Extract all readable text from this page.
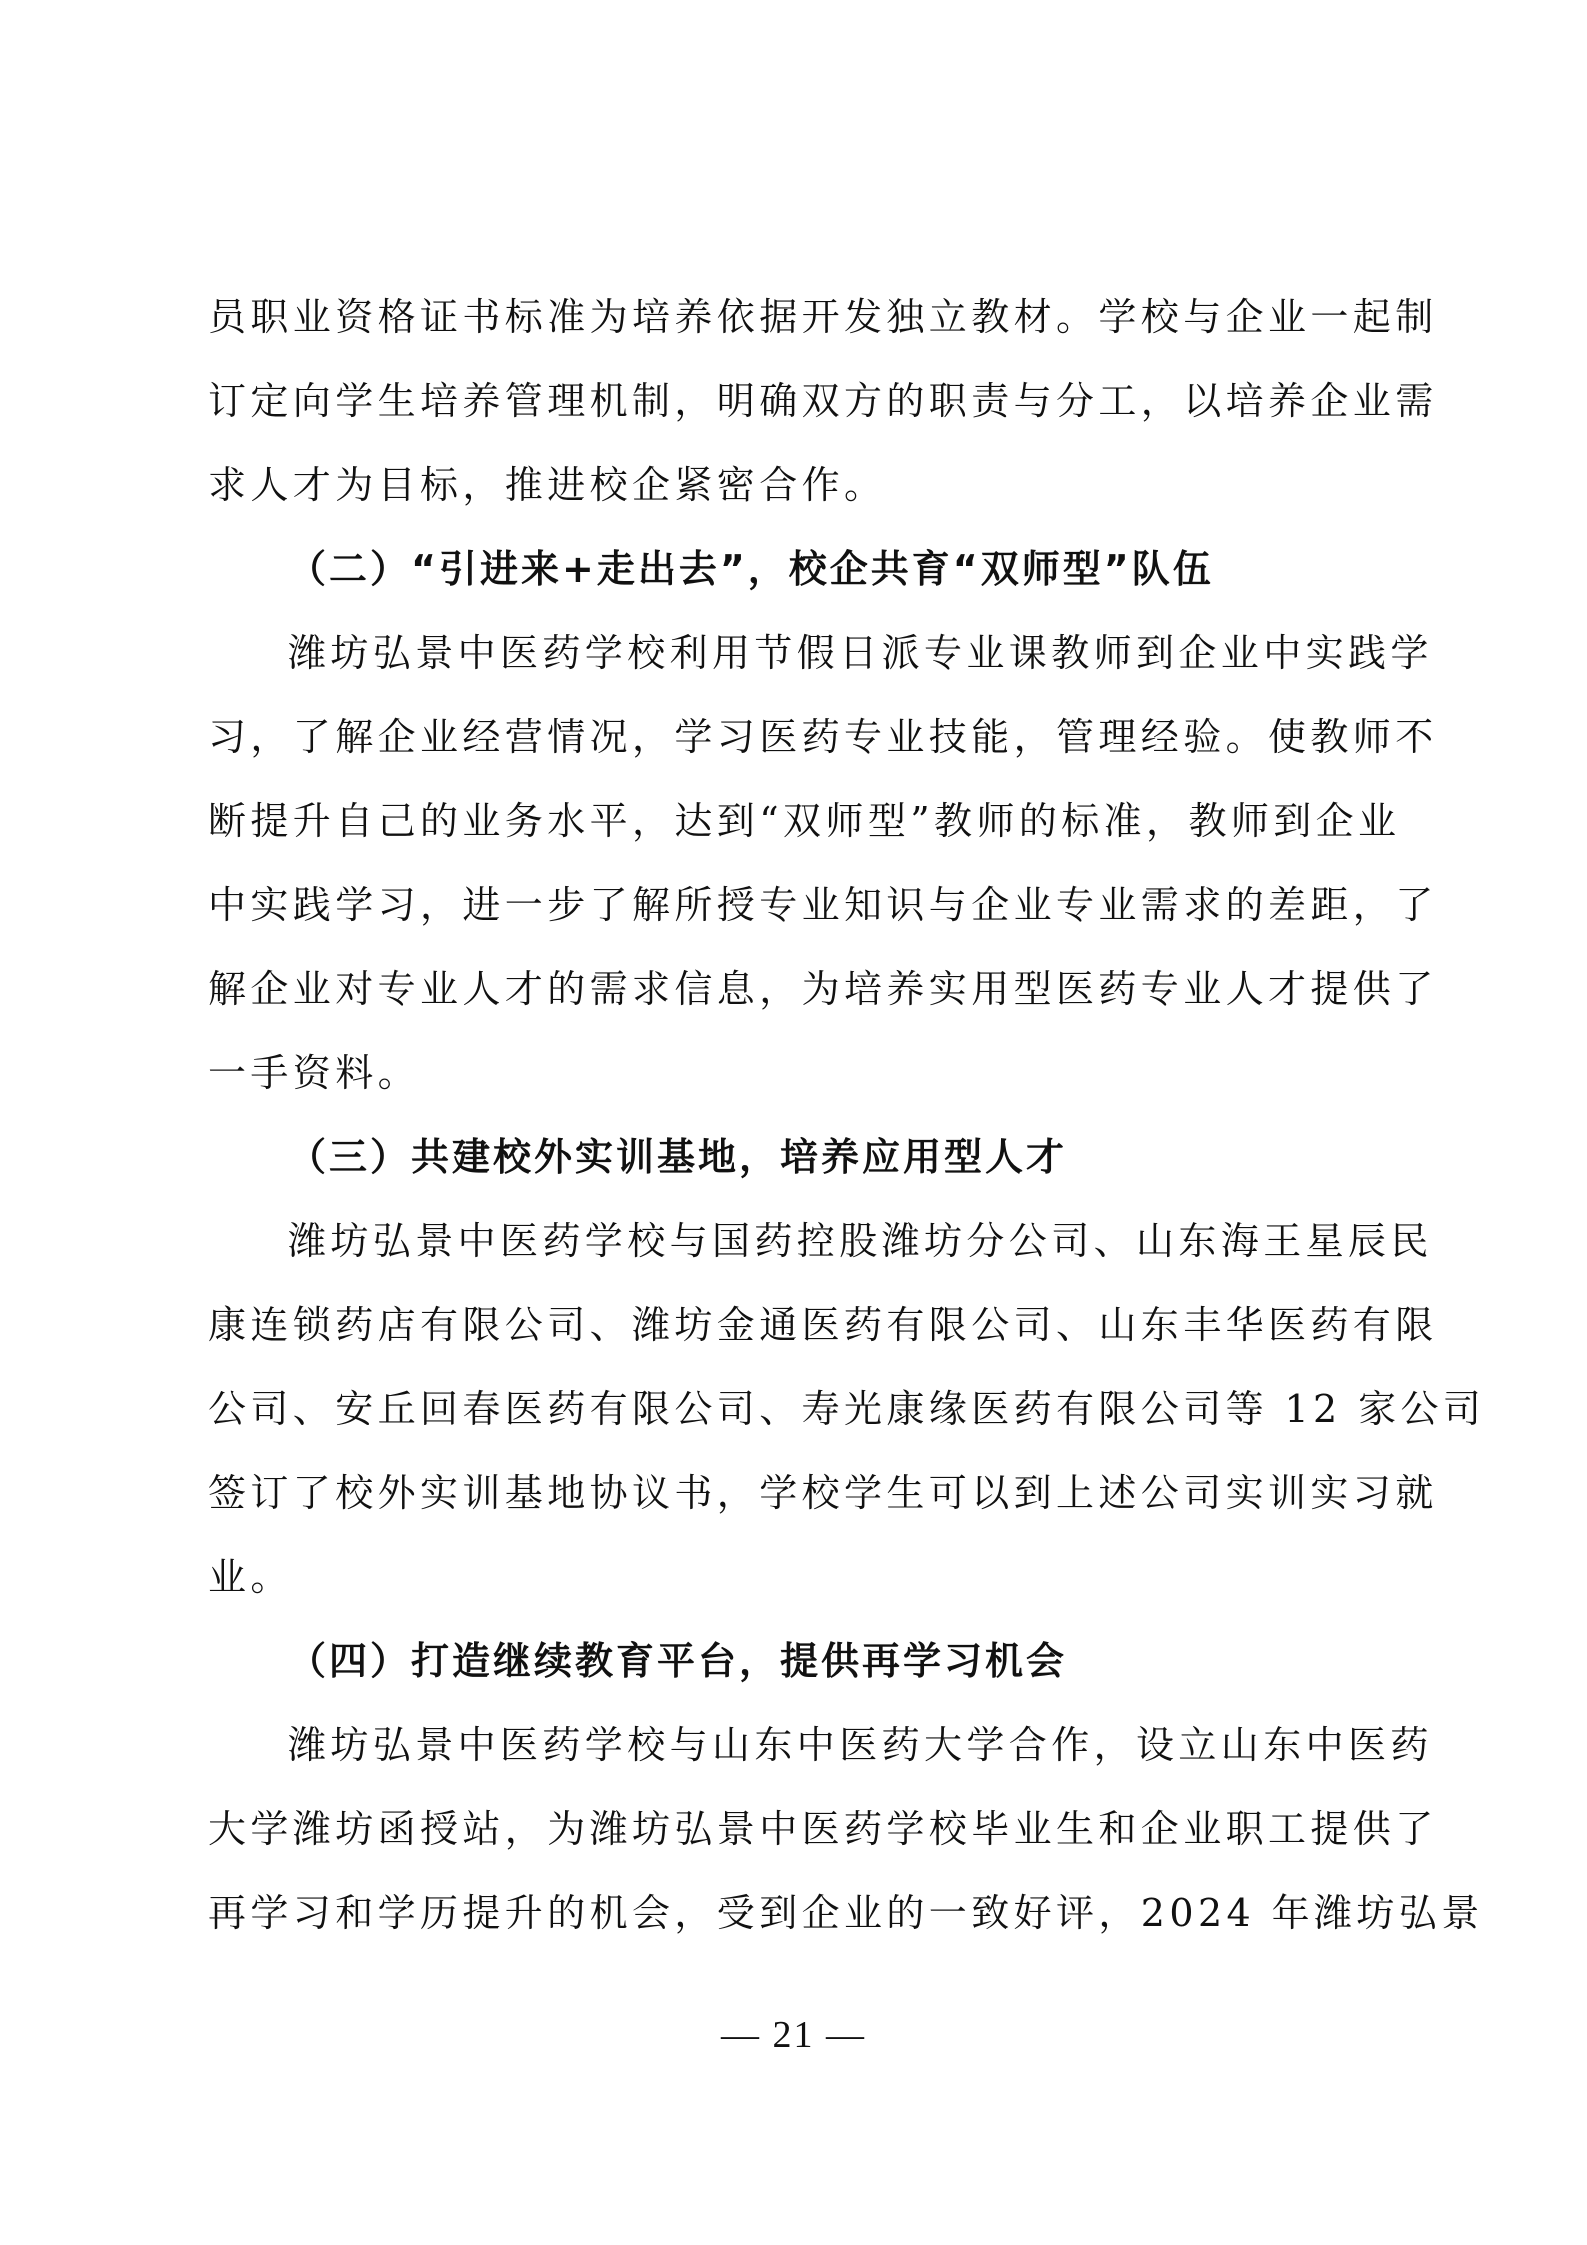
员职业资格证书标准为培养依据开发独立教材。学校与企业一起制
订定向学生培养管理机制，明确双方的职责与分工，以培养企业需
求人才为目标，推进校企紧密合作。
（二）“引进来+走出去”，校企共育“双师型”队伍
潍坊弘景中医药学校利用节假日派专业课教师到企业中实践学
习，了解企业经营情况，学习医药专业技能，管理经验。使教师不
断提升自己的业务水平，达到“双师型”教师的标准，教师到企业
中实践学习，进一步了解所授专业知识与企业专业需求的差距，了
解企业对专业人才的需求信息，为培养实用型医药专业人才提供了
一手资料。
（三）共建校外实训基地，培养应用型人才
潍坊弘景中医药学校与国药控股潍坊分公司、山东海王星辰民
康连锁药店有限公司、潍坊金通医药有限公司、山东丰华医药有限
公司、安丘回春医药有限公司、寿光康缘医药有限公司等 12 家公司
签订了校外实训基地协议书，学校学生可以到上述公司实训实习就
业。
（四）打造继续教育平台，提供再学习机会
潍坊弘景中医药学校与山东中医药大学合作，设立山东中医药
大学潍坊函授站，为潍坊弘景中医药学校毕业生和企业职工提供了
再学习和学历提升的机会，受到企业的一致好评，2024 年潍坊弘景
— 21 —
